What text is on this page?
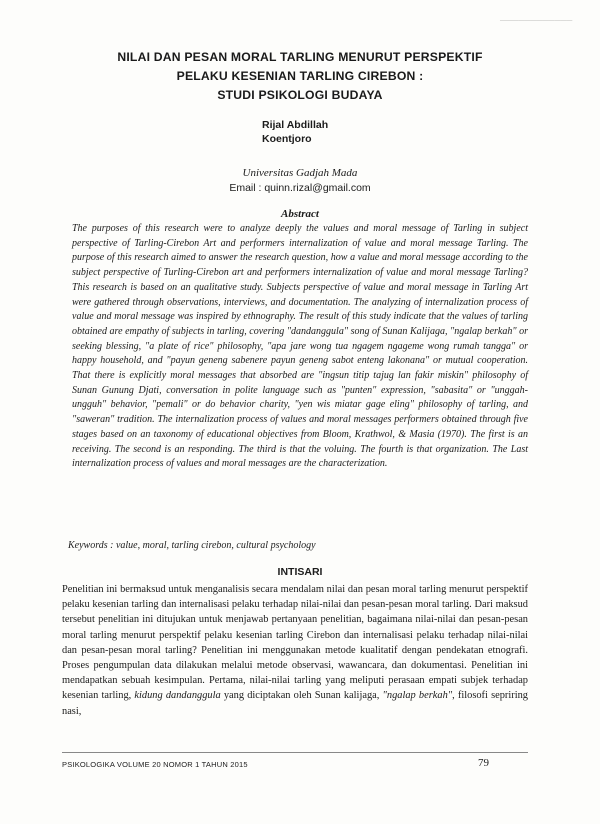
────────────
NILAI DAN PESAN MORAL TARLING MENURUT PERSPEKTIF
PELAKU KESENIAN TARLING CIREBON :
STUDI PSIKOLOGI BUDAYA
Rijal Abdillah
Koentjoro
Universitas Gadjah Mada
Email : quinn.rizal@gmail.com
Abstract

The purposes of this research were to analyze deeply the values and moral message of Tarling in subject perspective of Tarling-Cirebon Art and performers internalization of value and moral message Tarling. The purpose of this research aimed to answer the research question, how a value and moral message according to the subject perspective of Turling-Cirebon art and performers internalization of value and moral message Tarling? This research is based on an qualitative study. Subjects perspective of value and moral message in Tarling Art were gathered through observations, interviews, and documentation. The analyzing of internalization process of value and moral message was inspired by ethnography. The result of this study indicate that the values of tarling obtained are empathy of subjects in tarling, covering "dandanggula" song of Sunan Kalijaga, "ngalap berkah" or seeking blessing, "a plate of rice" philosophy, "apa jare wong tua ngagem ngageme wong rumah tangga" or happy household, and "payun geneng sabenere payun geneng sabot enteng lakonana" or mutual cooperation. That there is explicitly moral messages that absorbed are "ingsun titip tajug lan fakir miskin" philosophy of Sunan Gunung Djati, conversation in polite language such as "punten" expression, "sabasita" or "unggah-ungguh" behavior, "pemali" or do behavior charity, "yen wis miatar gage eling" philosophy of tarling, and "saweran" tradition. The internalization process of values and moral messages performers obtained through five stages based on an taxonomy of educational objectives from Bloom, Krathwol, & Masia (1970). The first is an receiving. The second is an responding. The third is that the voluing. The fourth is that organization. The Last internalization process of values and moral messages are the characterization.

Keywords : value, moral, tarling cirebon, cultural psychology
INTISARI

Penelitian ini bermaksud untuk menganalisis secara mendalam nilai dan pesan moral tarling menurut perspektif pelaku kesenian tarling dan internalisasi pelaku terhadap nilai-nilai dan pesan-pesan moral tarling. Dari maksud tersebut penelitian ini ditujukan untuk menjawab pertanyaan penelitian, bagaimana nilai-nilai dan pesan-pesan moral tarling menurut perspektif pelaku kesenian tarling Cirebon dan internalisasi pelaku terhadap nilai-nilai dan pesan-pesan moral tarling? Penelitian ini menggunakan metode kualitatif dengan pendekatan etnografi. Proses pengumpulan data dilakukan melalui metode observasi, wawancara, dan dokumentasi. Penelitian ini mendapatkan sebuah kesimpulan. Pertama, nilai-nilai tarling yang meliputi perasaan empati subjek terhadap kesenian tarling, kidung dandanggula yang diciptakan oleh Sunan kalijaga, "ngalap berkah", filosofi sepriring nasi,

PSIKOLOGIKA VOLUME 20 NOMOR 1 TAHUN 2015	79
